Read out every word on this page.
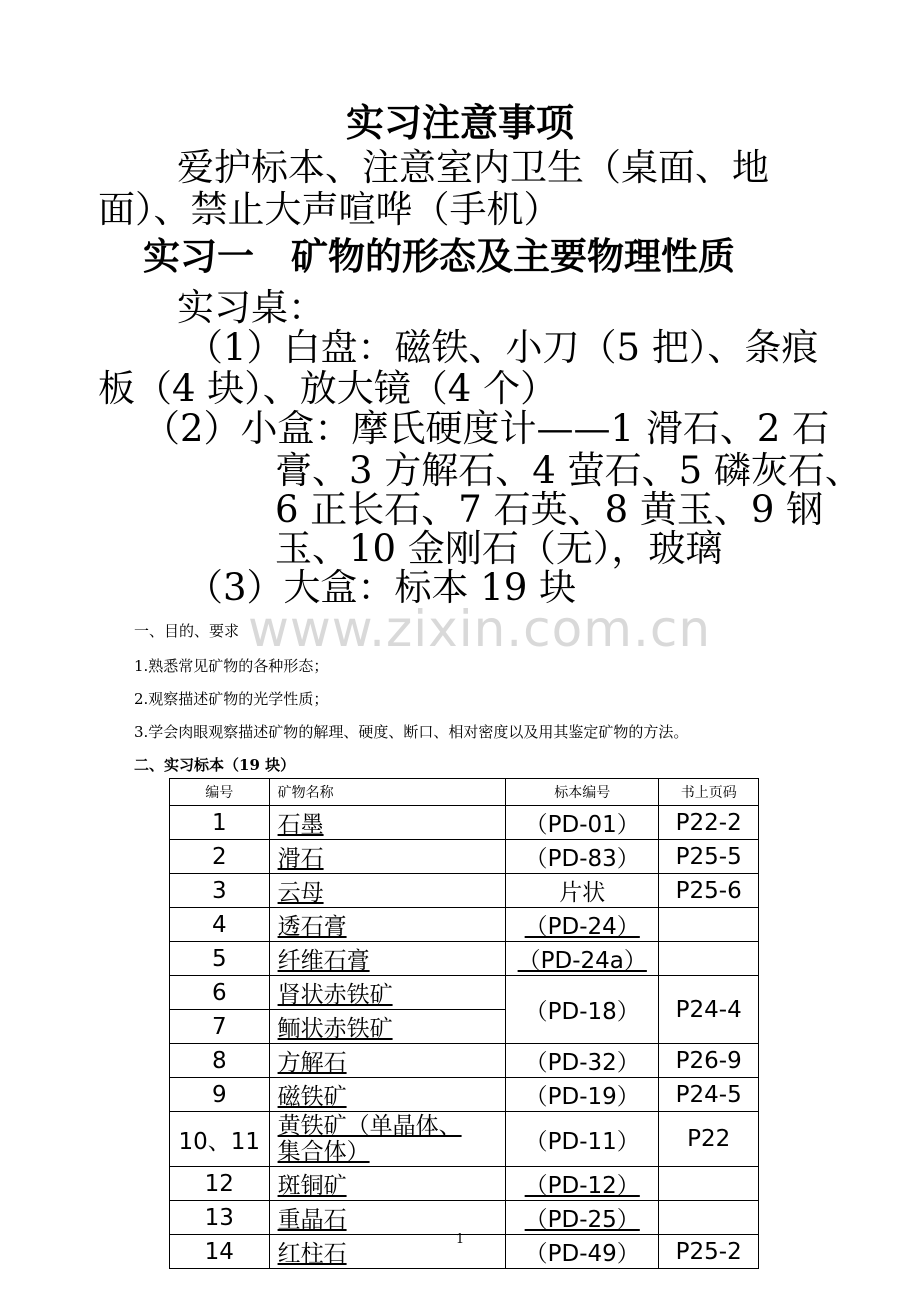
实习注意事项
爱护标本、注意室内卫生（桌面、地
面）、禁止大声喧哗（手机）
实习一　矿物的形态及主要物理性质
实习桌：
（1）白盘：磁铁、小刀（5 把）、条痕
板（4 块）、放大镜（4 个）
（2）小盒：摩氏硬度计——1 滑石、2 石
膏、3 方解石、4 萤石、5 磷灰石、
6 正长石、7 石英、8 黄玉、9 钢
玉、10 金刚石（无），玻璃
（3）大盒：标本 19 块
www.zixin.com.cn
一、目的、要求
1.熟悉常见矿物的各种形态；
2.观察描述矿物的光学性质；
3.学会肉眼观察描述矿物的解理、硬度、断口、相对密度以及用其鉴定矿物的方法。
二、实习标本（19 块）
编号	矿物名称	标本编号	书上页码
1	石墨	（PD-01）	P22-2
2	滑石	（PD-83）	P25-5
3	云母	片状	P25-6
4	透石膏	（PD-24）	
5	纤维石膏	（PD-24a）	
6	肾状赤铁矿	（PD-18）	P24-4
7	鲕状赤铁矿		
8	方解石	（PD-32）	P26-9
9	磁铁矿	（PD-19）	P24-5
10、11	黄铁矿（单晶体、
集合体）	（PD-11）	P22
12	斑铜矿	（PD-12）	
13	重晶石	（PD-25）	
14	红柱石	（PD-49）	P25-2
1
